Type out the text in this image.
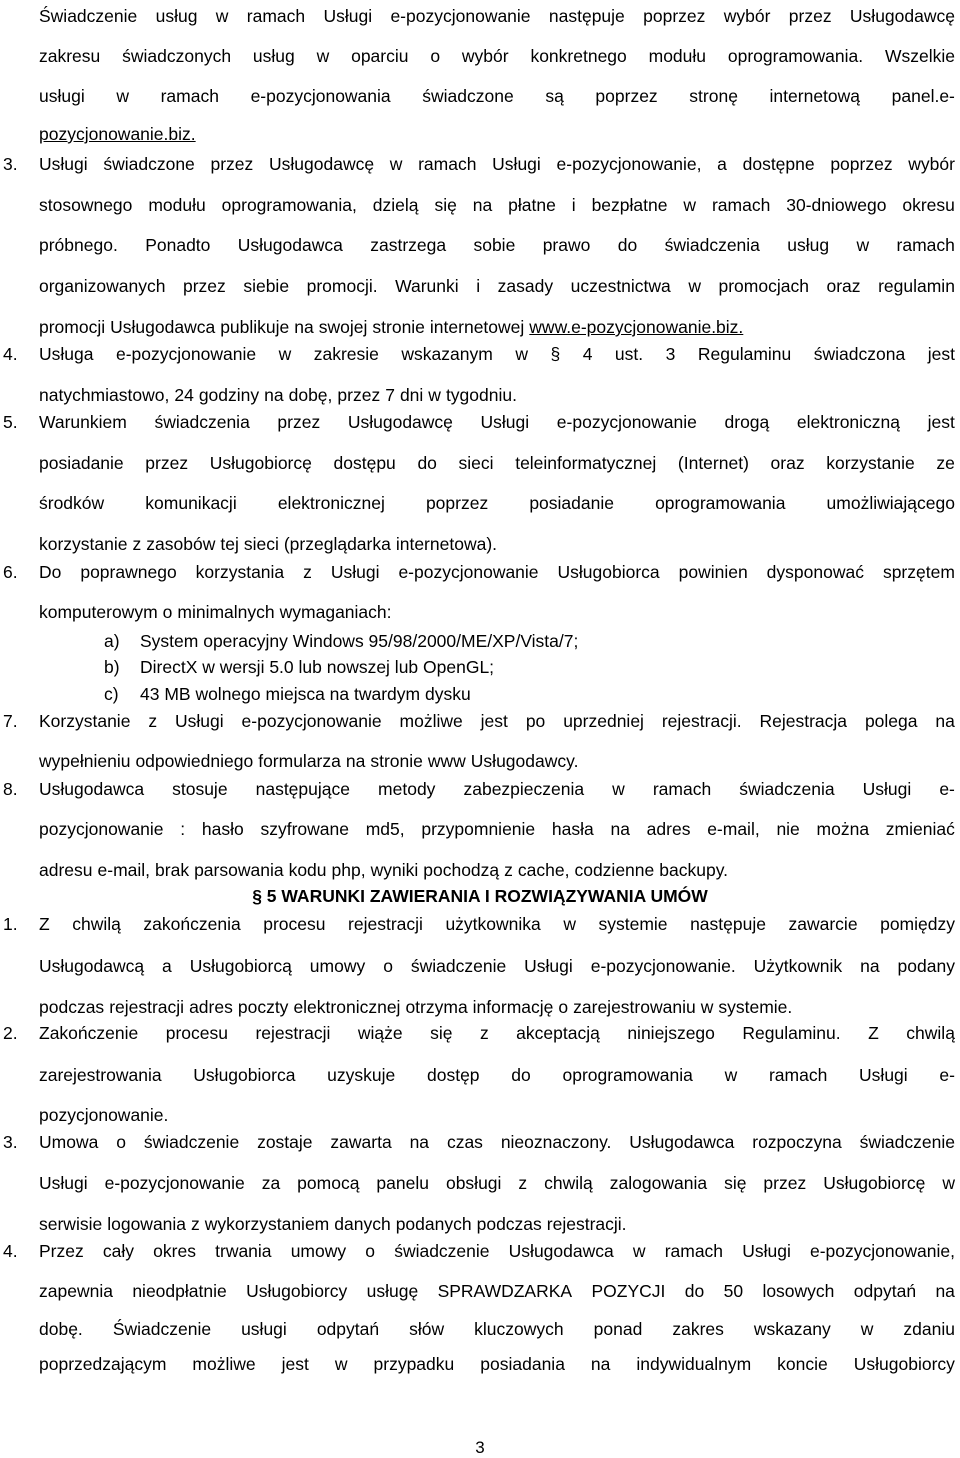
Świadczenie usług w ramach Usługi e-pozycjonowanie następuje poprzez wybór przez Usługodawcę
zakresu świadczonych usług w oparciu o wybór konkretnego modułu oprogramowania. Wszelkie
usługi w ramach e-pozycjonowania świadczone są poprzez stronę internetową panel.e-
pozycjonowanie.biz.
3. Usługi świadczone przez Usługodawcę w ramach Usługi e-pozycjonowanie, a dostępne poprzez wybór
stosownego modułu oprogramowania, dzielą się na płatne i bezpłatne w ramach 30-dniowego okresu
próbnego. Ponadto Usługodawca zastrzega sobie prawo do świadczenia usług w ramach
organizowanych przez siebie promocji. Warunki i zasady uczestnictwa w promocjach oraz regulamin
promocji Usługodawca publikuje na swojej stronie internetowej www.e-pozycjonowanie.biz.
4. Usługa e-pozycjonowanie w zakresie wskazanym w § 4 ust. 3 Regulaminu świadczona jest
natychmiastowo, 24 godziny na dobę, przez 7 dni w tygodniu.
5. Warunkiem świadczenia przez Usługodawcę Usługi e-pozycjonowanie drogą elektroniczną jest
posiadanie przez Usługobiorcę dostępu do sieci teleinformatycznej (Internet) oraz korzystanie ze
środków komunikacji elektronicznej poprzez posiadanie oprogramowania umożliwiającego
korzystanie z zasobów tej sieci (przeglądarka internetowa).
6. Do poprawnego korzystania z Usługi e-pozycjonowanie Usługobiorca powinien dysponować sprzętem
komputerowym o minimalnych wymaganiach:
7. Korzystanie z Usługi e-pozycjonowanie możliwe jest po uprzedniej rejestracji. Rejestracja polega na
wypełnieniu odpowiedniego formularza na stronie www Usługodawcy.
8. Usługodawca stosuje następujące metody zabezpieczenia w ramach świadczenia Usługi e-
pozycjonowanie : hasło szyfrowane md5, przypomnienie hasła na adres e-mail, nie można zmieniać
adresu e-mail, brak parsowania kodu php, wyniki pochodzą z cache, codzienne backupy.
1. Z chwilą zakończenia procesu rejestracji użytkownika w systemie następuje zawarcie pomiędzy
Usługodawcą a Usługobiorcą umowy o świadczenie Usługi e-pozycjonowanie. Użytkownik na podany
podczas rejestracji adres poczty elektronicznej otrzyma informację o zarejestrowaniu w systemie.
2. Zakończenie procesu rejestracji wiąże się z akceptacją niniejszego Regulaminu. Z chwilą
zarejestrowania Usługobiorca uzyskuje dostęp do oprogramowania w ramach Usługi e-
pozycjonowanie.
3. Umowa o świadczenie zostaje zawarta na czas nieoznaczony. Usługodawca rozpoczyna świadczenie
Usługi e-pozycjonowanie za pomocą panelu obsługi z chwilą zalogowania się przez Usługobiorcę w
serwisie logowania z wykorzystaniem danych podanych podczas rejestracji.
4. Przez cały okres trwania umowy o świadczenie Usługodawca w ramach Usługi e-pozycjonowanie,
zapewnia nieodpłatnie Usługobiorcy usługę SPRAWDZARKA POZYCJI do 50 losowych odpytań na
dobę. Świadczenie usługi odpytań słów kluczowych ponad zakres wskazany w zdaniu
poprzedzającym możliwe jest w przypadku posiadania na indywidualnym koncie Usługobiorcy
a) System operacyjny Windows 95/98/2000/ME/XP/Vista/7;
b) DirectX w wersji 5.0 lub nowszej lub OpenGL;
c) 43 MB wolnego miejsca na twardym dysku
§ 5 WARUNKI ZAWIERANIA I ROZWIĄZYWANIA UMÓW
3
